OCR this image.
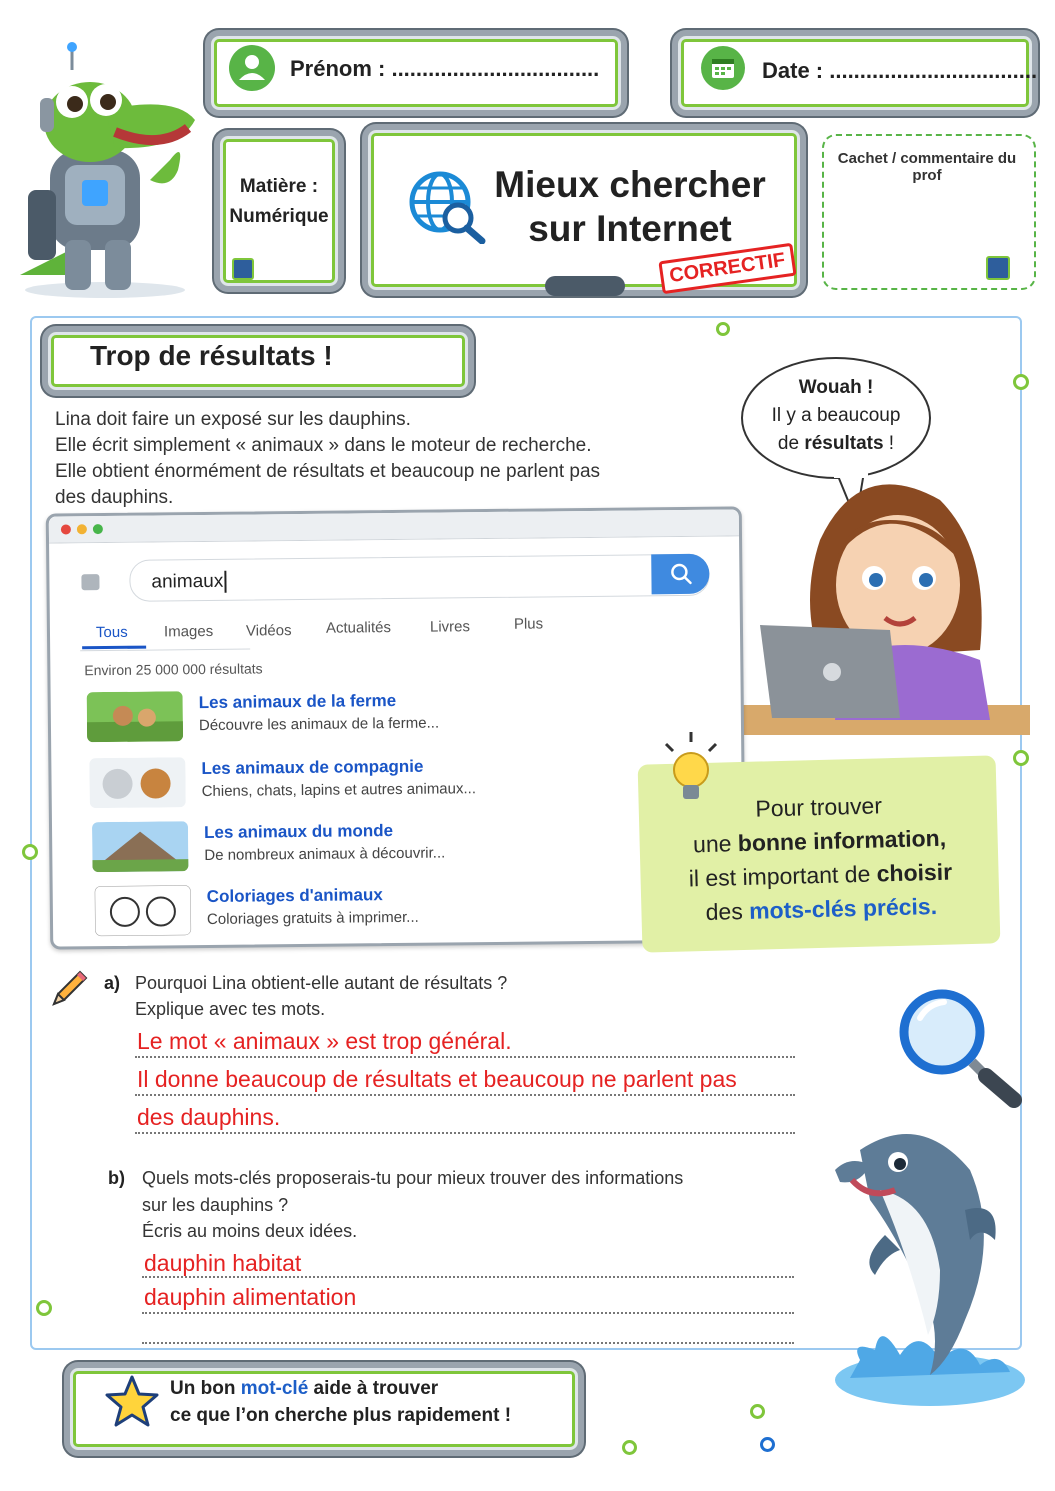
Prénom : ..................................	Date : ..................................
Matière :
Numérique
Mieux chercher
sur Internet
CORRECTIF
Cachet / commentaire du prof
Trop de résultats !
Lina doit faire un exposé sur les dauphins.
Elle écrit simplement « animaux » dans le moteur de recherche.
Elle obtient énormément de résultats et beaucoup ne parlent pas
des dauphins.
Wouah !
Il y a beaucoup
de résultats !
animaux
Tous Images Vidéos Actualités	Livres	Plus
Environ 25 000 000 résultats
Les animaux de la ferme
Découvre les animaux de la ferme...
Les animaux de compagnie
Chiens, chats, lapins et autres animaux...
Les animaux du monde
De nombreux animaux à découvrir...
Coloriages d'animaux
Coloriages gratuits à imprimer...
Pour trouver
une bonne information,
il est important de choisir
des mots-clés précis.
a) Pourquoi Lina obtient-elle autant de résultats ?
Explique avec tes mots.
Le mot « animaux » est trop général.
Il donne beaucoup de résultats et beaucoup ne parlent pas
des dauphins.
b) Quels mots-clés proposerais-tu pour mieux trouver des informations
sur les dauphins ?
Écris au moins deux idées.
dauphin habitat
dauphin alimentation
Un bon mot-clé aide à trouver
ce que l’on cherche plus rapidement !
